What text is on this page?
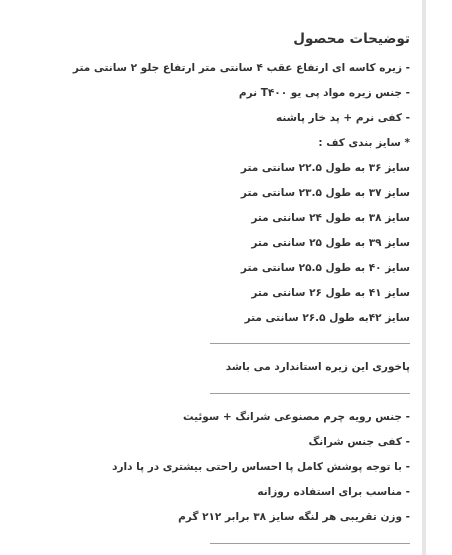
توضیحات محصول
- زیره کاسه ای ارتفاع عقب ۴ سانتی متر ارتفاع جلو ۲ سانتی متر
- جنس زیره مواد پی یو T۴۰۰ نرم
- کفی نرم + پد خار پاشنه
* سایز بندی کف :
سایز ۳۶ به طول ۲۲.۵ سانتی متر
سایز ۳۷ به طول ۲۳.۵ سانتی متر
سایز ۳۸ به طول ۲۴ سانتی متر
سایز ۳۹ به طول ۲۵ سانتی متر
سایز ۴۰ به طول ۲۵.۵ سانتی متر
سایز ۴۱ به طول ۲۶ سانتی متر
سایز ۴۲به طول ۲۶.۵ سانتی متر
پاخوری این زیره استاندارد می باشد
- جنس رویه چرم مصنوعی شرانگ + سوئیت
- کفی جنس شرانگ
- با توجه پوشش کامل پا احساس راحتی بیشتری در پا دارد
- مناسب برای استفاده روزانه
- وزن تقریبی هر لنگه سایز ۳۸ برابر ۲۱۲ گرم
